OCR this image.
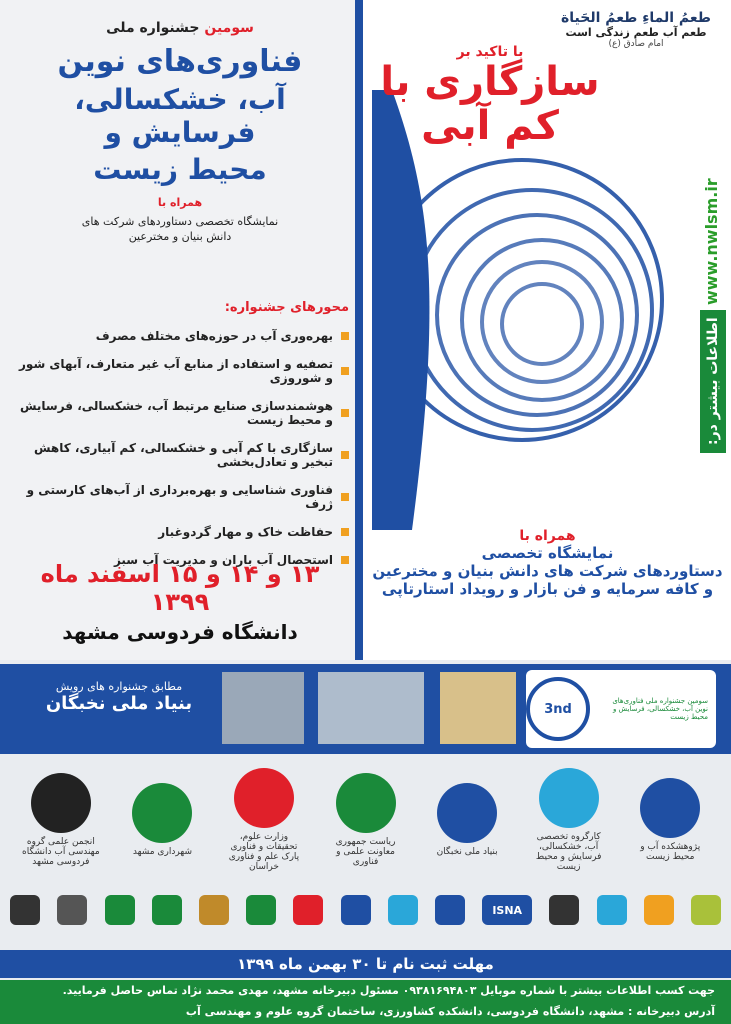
طعمُ الماءِ طعمُ الحَياة
طعم آب طعم زندگی است
امام صادق (ع)
با تاکید بر
سازگاری با
کم آبی
www.nwlsm.ir
اطلاعات بیشتر در:
سومین جشنواره ملی
فناوری‌های نوین
آب، خشکسالی، فرسایش و
محیط زیست
همراه با
نمایشگاه تخصصی دستاوردهای شرکت های
دانش بنیان و مخترعین
محورهای جشنواره:
بهره‌وری آب در حوزه‌های مختلف مصرف
تصفیه و استفاده از منابع آب غیر متعارف، آبهای شور و شوروزی
هوشمندسازی صنایع مرتبط آب، خشکسالی، فرسایش و محیط زیست
سازگاری با کم آبی و خشکسالی، کم آبیاری، کاهش تبخیر و تعادل‌بخشی
فناوری شناسایی و بهره‌برداری از آب‌های کارستی و ژرف
حفاظت خاک و مهار گردوغبار
استحصال آب باران و مدیریت آب سبز
۱۳ و ۱۴ و ۱۵ اسفند ماه ۱۳۹۹
دانشگاه فردوسی مشهد
همراه با
نمایشگاه تخصصی
دستاوردهای شرکت های دانش بنیان و مخترعین
و کافه سرمایه و فن بازار و رویداد استارتاپی
مطابق جشنواره های رویش
بنیاد ملی نخبگان	سومین جشنواره ملی فناوری‌های نوین آب، خشکسالی، فرسایش و محیط زیست
3nd
پژوهشکده آب و محیط زیست
کارگروه تخصصی آب، خشکسالی، فرسایش و محیط زیست
بنیاد ملی نخبگان
ریاست جمهوری معاونت علمی و فناوری
وزارت علوم، تحقیقات و فناوری پارک علم و فناوری خراسان
شهرداری مشهد
انجمن علمی گروه مهندسی آب دانشگاه فردوسی مشهد
ISNA
مهلت ثبت نام تا ۳۰ بهمن ماه ۱۳۹۹
جهت کسب اطلاعات بیشتر با شماره موبایل ۰۹۳۸۱۶۹۴۸۰۳ مسئول دبیرخانه مشهد، مهدی محمد نژاد تماس حاصل فرمایید.
آدرس دبیرخانه : مشهد، دانشگاه فردوسی، دانشکده کشاورزی، ساختمان گروه علوم و مهندسی آب
